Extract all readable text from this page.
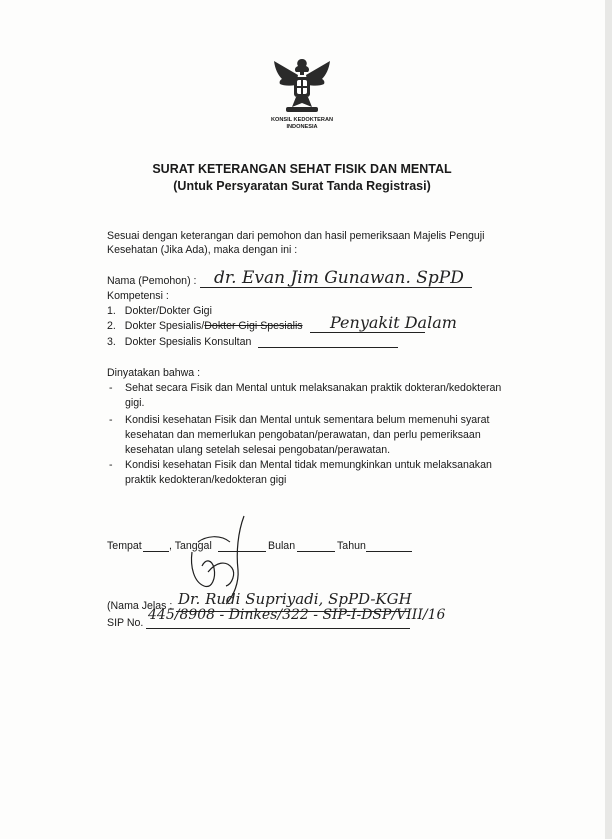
KONSIL KEDOKTERAN
INDONESIA
SURAT KETERANGAN SEHAT FISIK DAN MENTAL
(Untuk Persyaratan Surat Tanda Registrasi)
Sesuai dengan keterangan dari pemohon dan hasil pemeriksaan Majelis Penguji
Kesehatan (Jika Ada), maka dengan ini :
Nama (Pemohon) : dr. Evan Jim Gunawan. SpPD
Kompetensi :
1. Dokter/Dokter Gigi
2. Dokter Spesialis/Dokter Gigi Spesialis Penyakit Dalam
3. Dokter Spesialis Konsultan
Dinyatakan bahwa :
- Sehat secara Fisik dan Mental untuk melaksanakan praktik dokteran/kedokteran
gigi.
- Kondisi kesehatan Fisik dan Mental untuk sementara belum memenuhi syarat
kesehatan dan memerlukan pengobatan/perawatan, dan perlu pemeriksaan
kesehatan ulang setelah selesai pengobatan/perawatan.
- Kondisi kesehatan Fisik dan Mental tidak memungkinkan untuk melaksanakan
praktik kedokteran/kedokteran gigi
Tempat	, Tanggal	Bulan	Tahun
(Nama Jelas : Dr. Rudi Supriyadi, SpPD-KGH
SIP No. 445/8908 - Dinkes/322 - SIP-I-DSP/VIII/16
